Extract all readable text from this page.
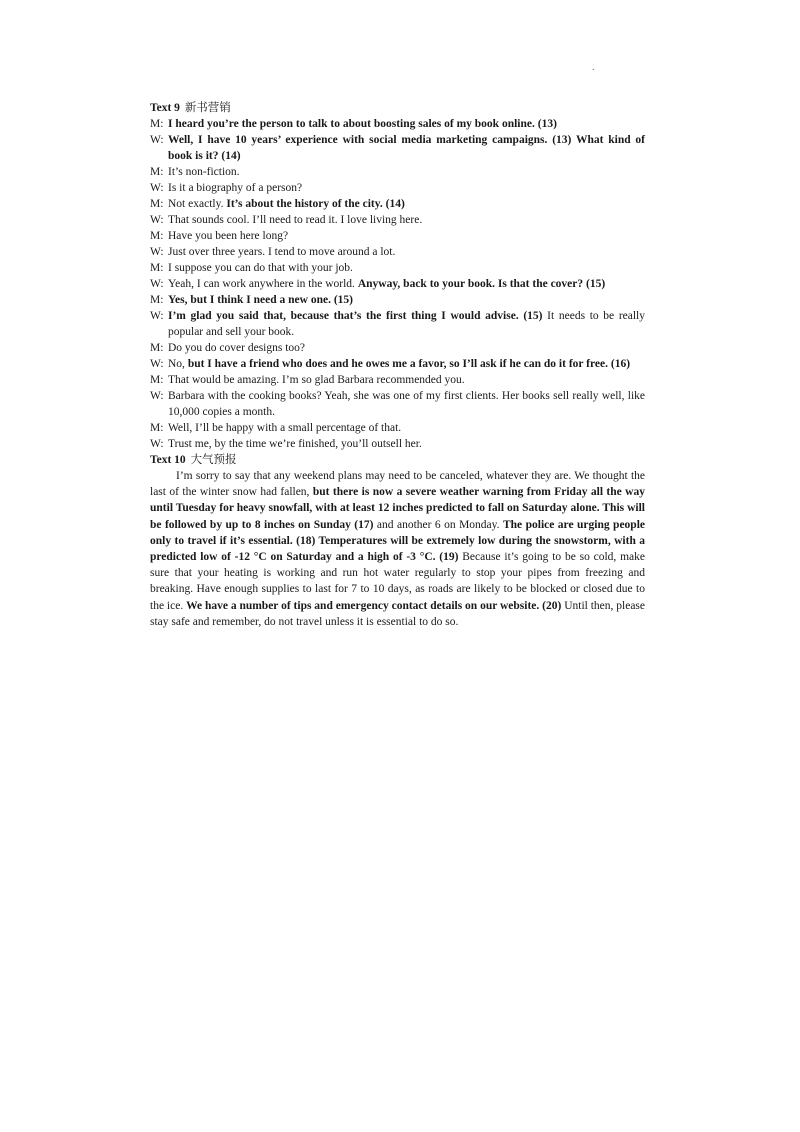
.
Text 9 新书营销
M:I heard you’re the person to talk to about boosting sales of my book online. (13)
W:Well, I have 10 years’ experience with social media marketing campaigns. (13) What kind of book is it? (14)
M:It’s non-fiction.
W:Is it a biography of a person?
M:Not exactly. It’s about the history of the city. (14)
W:That sounds cool. I’ll need to read it. I love living here.
M:Have you been here long?
W:Just over three years. I tend to move around a lot.
M:I suppose you can do that with your job.
W:Yeah, I can work anywhere in the world. Anyway, back to your book. Is that the cover? (15)
M:Yes, but I think I need a new one. (15)
W:I’m glad you said that, because that’s the first thing I would advise. (15) It needs to be really popular and sell your book.
M:Do you do cover designs too?
W:No, but I have a friend who does and he owes me a favor, so I’ll ask if he can do it for free. (16)
M:That would be amazing. I’m so glad Barbara recommended you.
W:Barbara with the cooking books? Yeah, she was one of my first clients. Her books sell really well, like 10,000 copies a month.
M:Well, I’ll be happy with a small percentage of that.
W:Trust me, by the time we’re finished, you’ll outsell her.
Text 10 大气预报
I’m sorry to say that any weekend plans may need to be canceled, whatever they are. We thought the last of the winter snow had fallen, but there is now a severe weather warning from Friday all the way until Tuesday for heavy snowfall, with at least 12 inches predicted to fall on Saturday alone. This will be followed by up to 8 inches on Sunday (17) and another 6 on Monday. The police are urging people only to travel if it’s essential. (18) Temperatures will be extremely low during the snowstorm, with a predicted low of -12 °C on Saturday and a high of -3 °C. (19) Because it’s going to be so cold, make sure that your heating is working and run hot water regularly to stop your pipes from freezing and breaking. Have enough supplies to last for 7 to 10 days, as roads are likely to be blocked or closed due to the ice. We have a number of tips and emergency contact details on our website. (20) Until then, please stay safe and remember, do not travel unless it is essential to do so.
